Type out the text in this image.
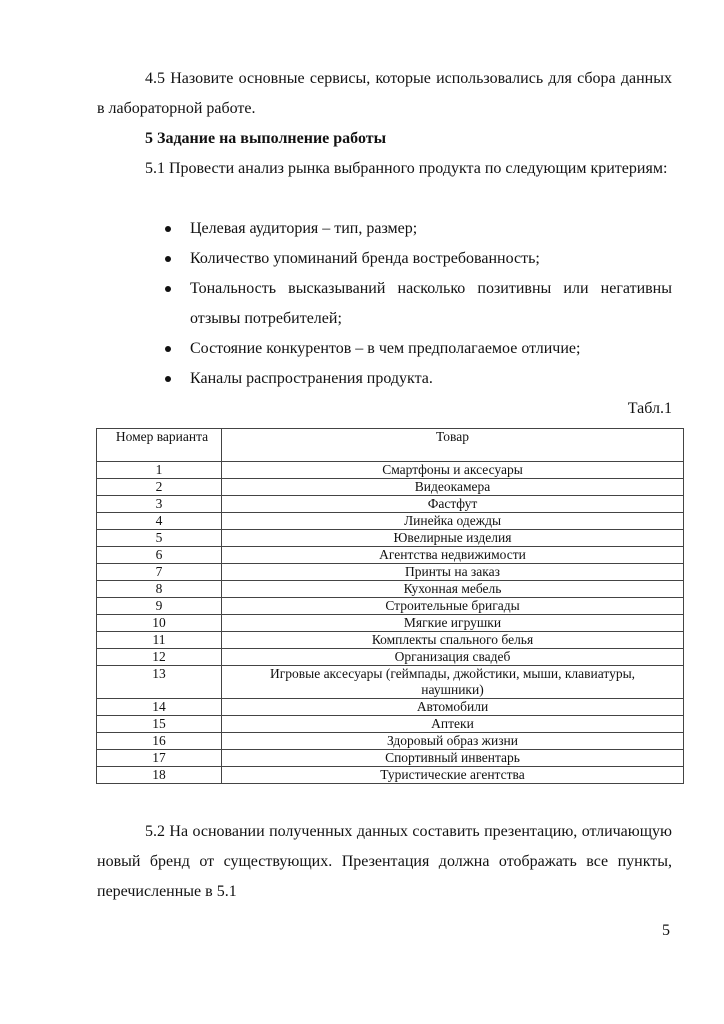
4.5 Назовите основные сервисы, которые использовались для сбора данных в лабораторной работе.
5 Задание на выполнение работы
5.1 Провести анализ рынка выбранного продукта по следующим критериям:
Целевая аудитория – тип, размер;
Количество упоминаний бренда востребованность;
Тональность высказываний насколько позитивны или негативны отзывы потребителей;
Состояние конкурентов – в чем предполагаемое отличие;
Каналы распространения продукта.
Табл.1
Номер варианта	Товар
1	Смартфоны и аксесуары
2	Видеокамера
3	Фастфут
4	Линейка одежды
5	Ювелирные изделия
6	Агентства недвижимости
7	Принты на заказ
8	Кухонная мебель
9	Строительные бригады
10	Мягкие игрушки
11	Комплекты спального белья
12	Организация свадеб
13	Игровые аксесуары (геймпады, джойстики, мыши, клавиатуры, наушники)
14	Автомобили
15	Аптеки
16	Здоровый образ жизни
17	Спортивный инвентарь
18	Туристические агентства
5.2 На основании полученных данных составить презентацию, отличающую новый бренд от существующих. Презентация должна отображать все пункты, перечисленные в 5.1
5
